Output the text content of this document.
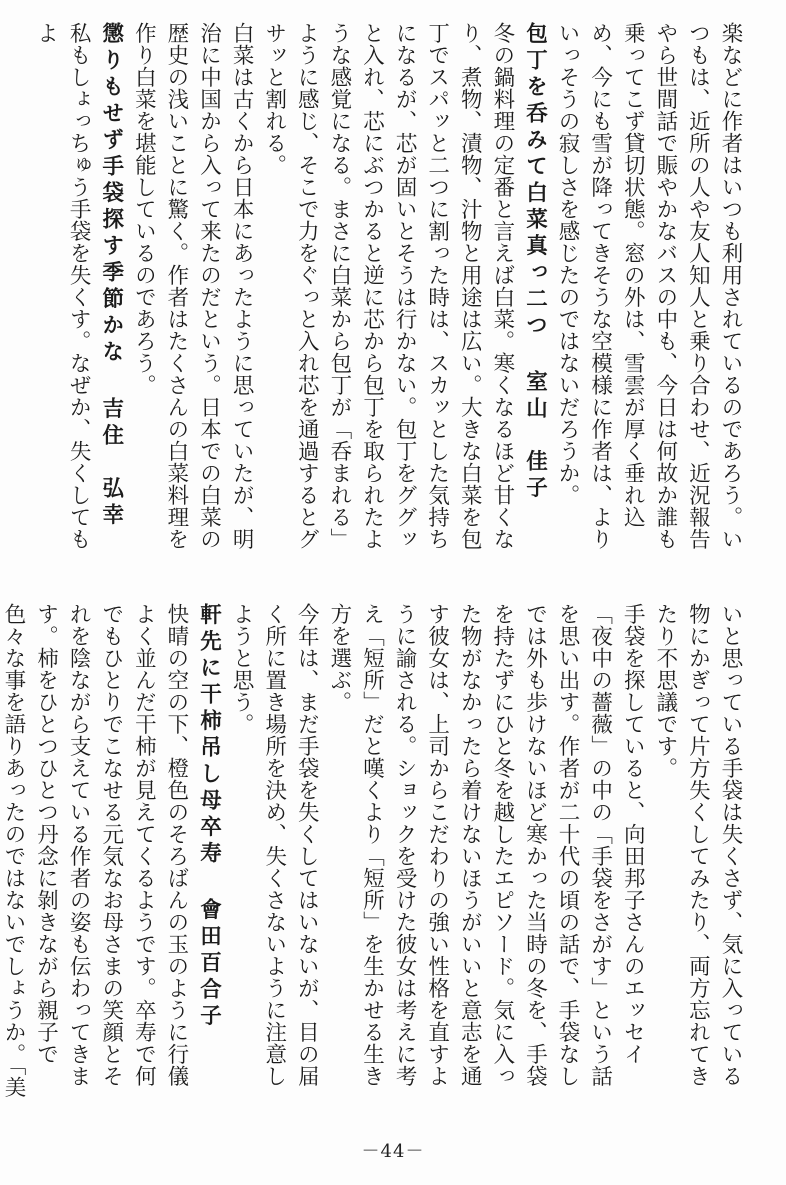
楽などに作者はいつも利用されているのであろう。いつもは、近所の人や友人知人と乗り合わせ、近況報告やら世間話で賑やかなバスの中も、今日は何故か誰も乗ってこず貸切状態。窓の外は、雪雲が厚く垂れ込め、今にも雪が降ってきそうな空模様に作者は、よりいっそうの寂しさを感じたのではないだろうか。

包丁を呑みて白菜真っ二つ室山　佳子

冬の鍋料理の定番と言えば白菜。寒くなるほど甘くなり、煮物、漬物、汁物と用途は広い。大きな白菜を包丁でスパッと二つに割った時は、スカッとした気持ちになるが、芯が固いとそうは行かない。包丁をググッと入れ、芯にぶつかると逆に芯から包丁を取られたような感覚になる。まさに白菜から包丁が「呑まれる」ように感じ、そこで力をぐっと入れ芯を通過するとグサッと割れる。

白菜は古くから日本にあったように思っていたが、明治に中国から入って来たのだという。日本での白菜の歴史の浅いことに驚く。作者はたくさんの白菜料理を作り白菜を堪能しているのであろう。

懲りもせず手袋探す季節かな吉住　弘幸

私もしょっちゅう手袋を失くす。なぜか、失くしてもよ

いと思っている手袋は失くさず、気に入っている物にかぎって片方失くしてみたり、両方忘れてきたり不思議です。

手袋を探していると、向田邦子さんのエッセイ「夜中の薔薇」の中の「手袋をさがす」という話を思い出す。作者が二十代の頃の話で、手袋なしでは外も歩けないほど寒かった当時の冬を、手袋を持たずにひと冬を越したエピソード。気に入った物がなかったら着けないほうがいいと意志を通す彼女は、上司からこだわりの強い性格を直すように諭される。ショックを受けた彼女は考えに考え「短所」だと嘆くより「短所」を生かせる生き方を選ぶ。

今年は、まだ手袋を失くしてはいないが、目の届く所に置き場所を決め、失くさないように注意しようと思う。

軒先に干柿吊し母卒寿會田百合子

快晴の空の下、橙色のそろばんの玉のように行儀よく並んだ干柿が見えてくるようです。卒寿で何でもひとりでこなせる元気なお母さまの笑顔とそれを陰ながら支えている作者の姿も伝わってきます。柿をひとつひとつ丹念に剝きながら親子で色々な事を語りあったのではないでしょうか。「美

－44－
